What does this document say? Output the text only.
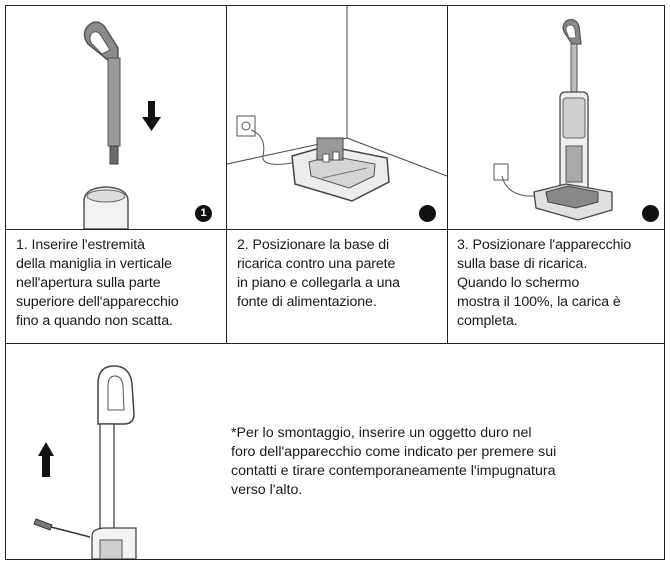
1
1. Inserire l'estremità
della maniglia in verticale
nell'apertura sulla parte
superiore dell'apparecchio
fino a quando non scatta.
2. Posizionare la base di
ricarica contro una parete
in piano e collegarla a una
fonte di alimentazione.
3. Posizionare l'apparecchio
sulla base di ricarica.
Quando lo schermo
mostra il 100%, la carica è
completa.
*Per lo smontaggio, inserire un oggetto duro nel
foro dell'apparecchio come indicato per premere sui
contatti e tirare contemporaneamente l'impugnatura
verso l'alto.
